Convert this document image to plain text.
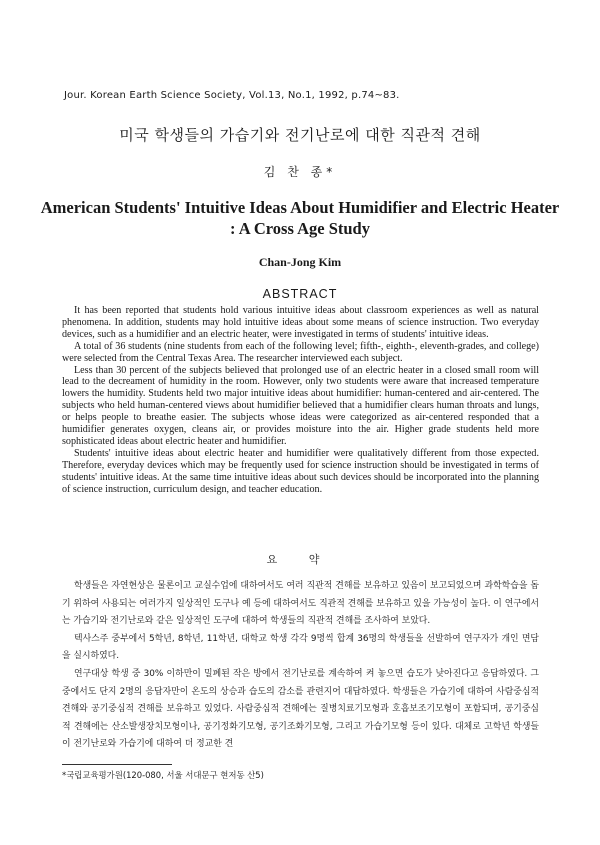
Jour. Korean Earth Science Society, Vol.13, No.1, 1992, p.74~83.
미국 학생들의 가습기와 전기난로에 대한 직관적 견해
김 찬 종*
American Students' Intuitive Ideas About Humidifier and Electric Heater
: A Cross Age Study
Chan-Jong Kim
ABSTRACT

It has been reported that students hold various intuitive ideas about classroom experiences as well as natural phenomena. In addition, students may hold intuitive ideas about some means of science instruction. Two everyday devices, such as a humidifier and an electric heater, were investigated in terms of students' intuitive ideas.

A total of 36 students (nine students from each of the following level; fifth-, eighth-, eleventh-grades, and college) were selected from the Central Texas Area. The researcher interviewed each subject.

Less than 30 percent of the subjects believed that prolonged use of an electric heater in a closed small room will lead to the decreament of humidity in the room. However, only two students were aware that increased temperature lowers the humidity. Students held two major intuitive ideas about humidifier: human-centered and air-centered. The subjects who held human-centered views about humidifier believed that a humidifier clears human throats and lungs, or helps people to breathe easier. The subjects whose ideas were categorized as air-centered responded that a humidifier generates oxygen, cleans air, or provides moisture into the air. Higher grade students held more sophisticated ideas about electric heater and humidifier.

Students' intuitive ideas about electric heater and humidifier were qualitatively different from those expected. Therefore, everyday devices which may be frequently used for science instruction should be investigated in terms of students' intuitive ideas. At the same time intuitive ideas about such devices should be incorporated into the planning of science instruction, curriculum design, and teacher education.

요 약

학생들은 자연현상은 물론이고 교실수업에 대하여서도 여러 직관적 견해를 보유하고 있음이 보고되었으며 과학학습을 돕기 위하여 사용되는 여러가지 일상적인 도구나 예 등에 대하여서도 직관적 견해를 보유하고 있을 가능성이 높다. 이 연구에서는 가습기와 전기난로와 같은 일상적인 도구에 대하여 학생들의 직관적 견해를 조사하여 보았다.

텍사스주 중부에서 5학년, 8학년, 11학년, 대학교 학생 각각 9명씩 합계 36명의 학생들을 선발하여 연구자가 개인 면담을 실시하였다.

연구대상 학생 중 30% 이하만이 밀폐된 작은 방에서 전기난로를 계속하여 켜 놓으면 습도가 낮아진다고 응답하였다. 그 중에서도 단지 2명의 응답자만이 온도의 상승과 습도의 감소를 관련지어 대답하였다. 학생들은 가습기에 대하여 사람중심적 견해와 공기중심적 견해를 보유하고 있었다. 사람중심적 견해에는 질병치료기모형과 호흡보조기모형이 포함되며, 공기중심적 견해에는 산소발생장치모형이나, 공기정화기모형, 공기조화기모형, 그리고 가습기모형 등이 있다. 대체로 고학년 학생들이 전기난로와 가습기에 대하여 더 정교한 견

*국립교육평가원(120-080, 서울 서대문구 현저동 산5)
